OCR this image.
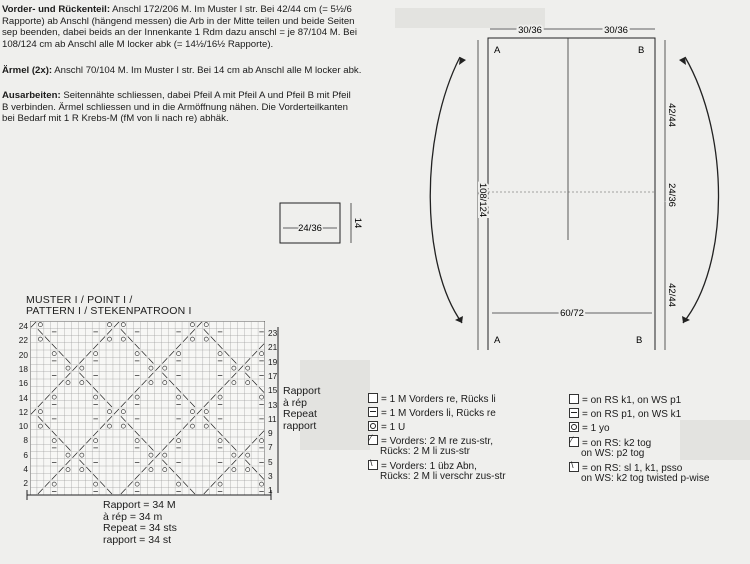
Vorder- und Rückenteil: Anschl 172/206 M. Im Muster I str. Bei 42/44 cm (= 5½/6
Rapporte) ab Anschl (hängend messen) die Arb in der Mitte teilen und beide Seiten
sep beenden, dabei beids an der Innenkante 1 Rdm dazu anschl = je 87/104 M. Bei
108/124 cm ab Anschl alle M locker abk (= 14½/16½ Rapporte).
Ärmel (2x): Anschl 70/104 M. Im Muster I str. Bei 14 cm ab Anschl alle M locker abk.
Ausarbeiten: Seitennähte schliessen, dabei Pfeil A mit Pfeil A und Pfeil B mit Pfeil
B verbinden. Ärmel schliessen und in die Armöffnung nähen. Die Vorderteilkanten
bei Bedarf mit 1 R Krebs-M (fM von li nach re) abhäk.
24/36	14
30/36	30/36
60/72
108/124
42/44
24/36
42/44
A	B
A	B
MUSTER I / POINT I /
PATTERN I / STEKENPATROON I
24
22
20
18
16
14
12
10
8
6
4
2
23
21
19
17
15
13
11
9
7
5
3
1
Rapport
à rép
Repeat
rapport
Rapport = 34 M
à rép = 34 m
Repeat = 34 sts
rapport = 34 st
= 1 M Vorders re, Rücks li
= 1 M Vorders li, Rücks re
= 1 U
⁄= Vorders: 2 M re zus-str,
Rücks: 2 M li zus-str
\= Vorders: 1 übz Abn,
Rücks: 2 M li verschr zus-str
= on RS k1, on WS p1
= on RS p1, on WS k1
= 1 yo
⁄= on RS: k2 tog
on WS: p2 tog
\= on RS: sl 1, k1, psso
on WS: k2 tog twisted p-wise
